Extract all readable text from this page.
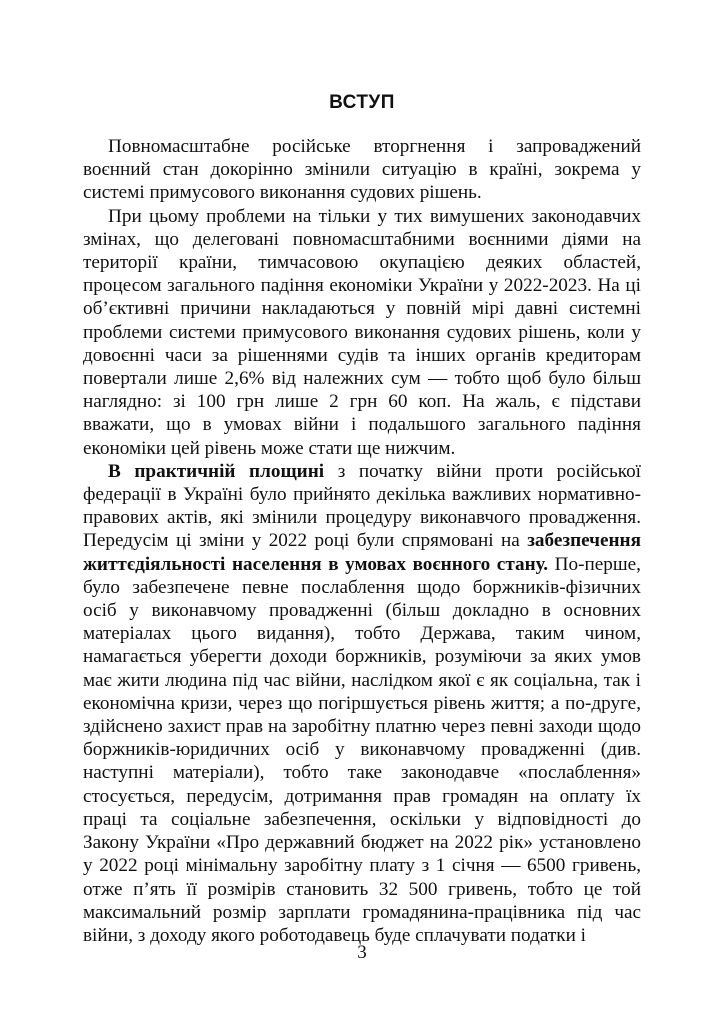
ВСТУП

Повномасштабне російське вторгнення і запроваджений воєнний стан докорінно змінили ситуацію в країні, зокрема у системі примусового виконання судових рішень.

При цьому проблеми на тільки у тих вимушених законодавчих змінах, що делеговані повномасштабними воєнними діями на території країни, тимчасовою окупацією деяких областей, процесом загального падіння економіки України у 2022-2023. На ці об’єктивні причини накладаються у повній мірі давні системні проблеми системи примусового виконання судових рішень, коли у довоєнні часи за рішеннями судів та інших органів кредиторам повертали лише 2,6% від належних сум — тобто щоб було більш наглядно: зі 100 грн лише 2 грн 60 коп. На жаль, є підстави вважати, що в умовах війни і подальшого загального падіння економіки цей рівень може стати ще нижчим.

В практичній площині з початку війни проти російської федерації в Україні було прийнято декілька важливих нормативно-правових актів, які змінили процедуру виконавчого провадження. Передусім ці зміни у 2022 році були спрямовані на забезпечення життєдіяльності населення в умовах воєнного стану. По-перше, було забезпечене певне послаблення щодо боржників-фізичних осіб у виконавчому провадженні (більш докладно в основних матеріалах цього видання), тобто Держава, таким чином, намагається уберегти доходи боржників, розуміючи за яких умов має жити людина під час війни, наслідком якої є як соціальна, так і економічна кризи, через що погіршується рівень життя; а по-друге, здійснено захист прав на заробітну платню через певні заходи щодо боржників-юридичних осіб у виконавчому провадженні (див. наступні матеріали), тобто таке законодавче «послаблення» стосується, передусім, дотримання прав громадян на оплату їх праці та соціальне забезпечення, оскільки у відповідності до Закону України «Про державний бюджет на 2022 рік» установлено у 2022 році мінімальну заробітну плату з 1 січня — 6500 гривень, отже п’ять її розмірів становить 32 500 гривень, тобто це той максимальний розмір зарплати громадянина-працівника під час війни, з доходу якого роботодавець буде сплачувати податки і

3
